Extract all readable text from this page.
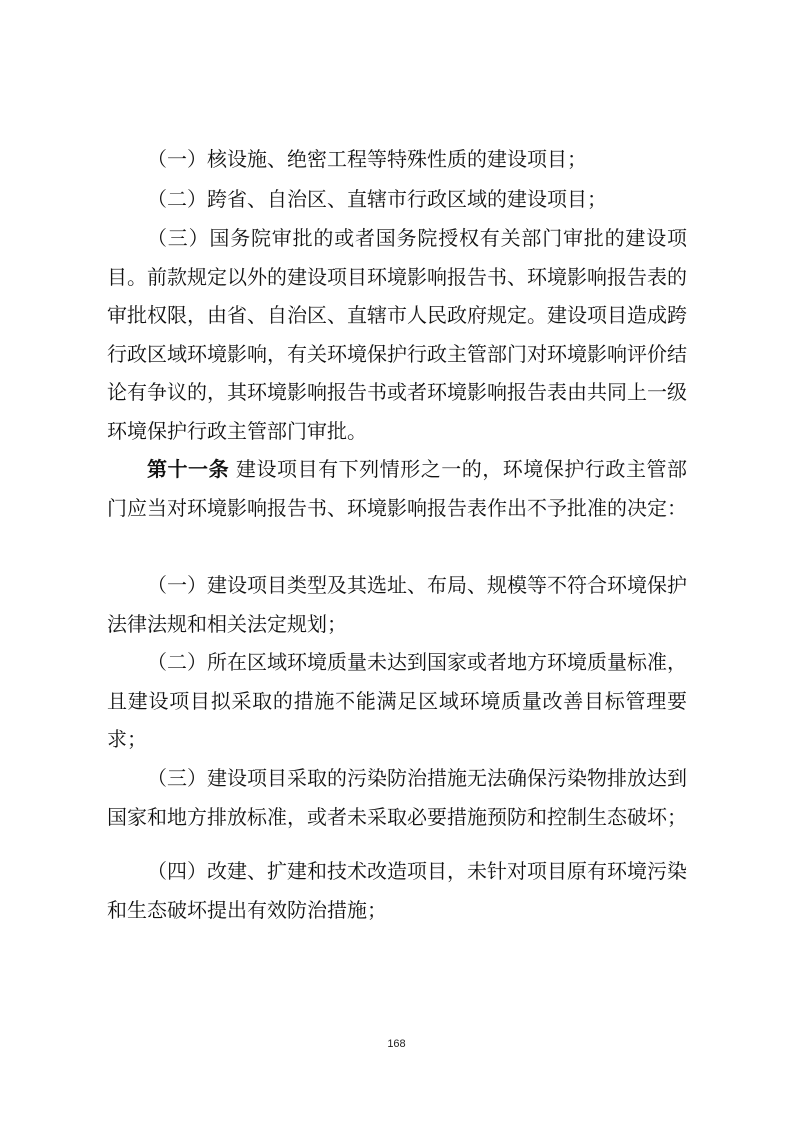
（一）核设施、绝密工程等特殊性质的建设项目；

（二）跨省、自治区、直辖市行政区域的建设项目；

（三）国务院审批的或者国务院授权有关部门审批的建设项目。前款规定以外的建设项目环境影响报告书、环境影响报告表的审批权限，由省、自治区、直辖市人民政府规定。建设项目造成跨行政区域环境影响，有关环境保护行政主管部门对环境影响评价结论有争议的，其环境影响报告书或者环境影响报告表由共同上一级环境保护行政主管部门审批。

第十一条 建设项目有下列情形之一的，环境保护行政主管部门应当对环境影响报告书、环境影响报告表作出不予批准的决定：

（一）建设项目类型及其选址、布局、规模等不符合环境保护法律法规和相关法定规划；

（二）所在区域环境质量未达到国家或者地方环境质量标准，且建设项目拟采取的措施不能满足区域环境质量改善目标管理要求；

（三）建设项目采取的污染防治措施无法确保污染物排放达到国家和地方排放标准，或者未采取必要措施预防和控制生态破坏；

（四）改建、扩建和技术改造项目，未针对项目原有环境污染和生态破坏提出有效防治措施；

168
